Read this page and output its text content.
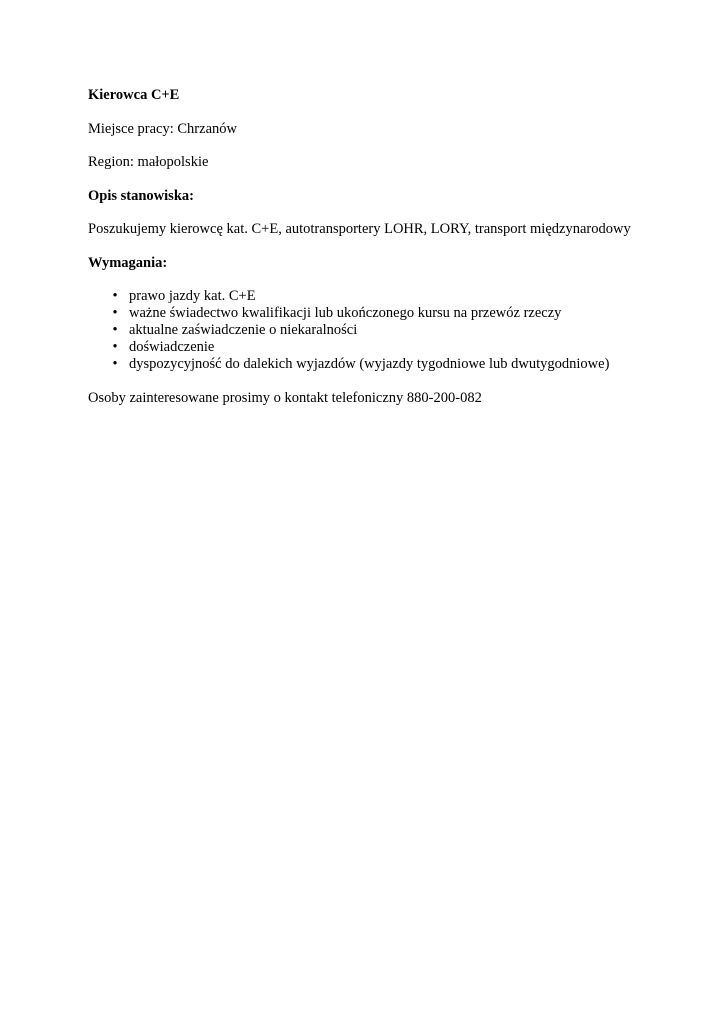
Kierowca C+E
Miejsce pracy: Chrzanów
Region: małopolskie
Opis stanowiska:
Poszukujemy kierowcę kat. C+E, autotransportery LOHR, LORY, transport międzynarodowy
Wymagania:
• prawo jazdy kat. C+E
• ważne świadectwo kwalifikacji lub ukończonego kursu na przewóz rzeczy
• aktualne zaświadczenie o niekaralności
• doświadczenie
• dyspozycyjność do dalekich wyjazdów (wyjazdy tygodniowe lub dwutygodniowe)
Osoby zainteresowane prosimy o kontakt telefoniczny 880-200-082
